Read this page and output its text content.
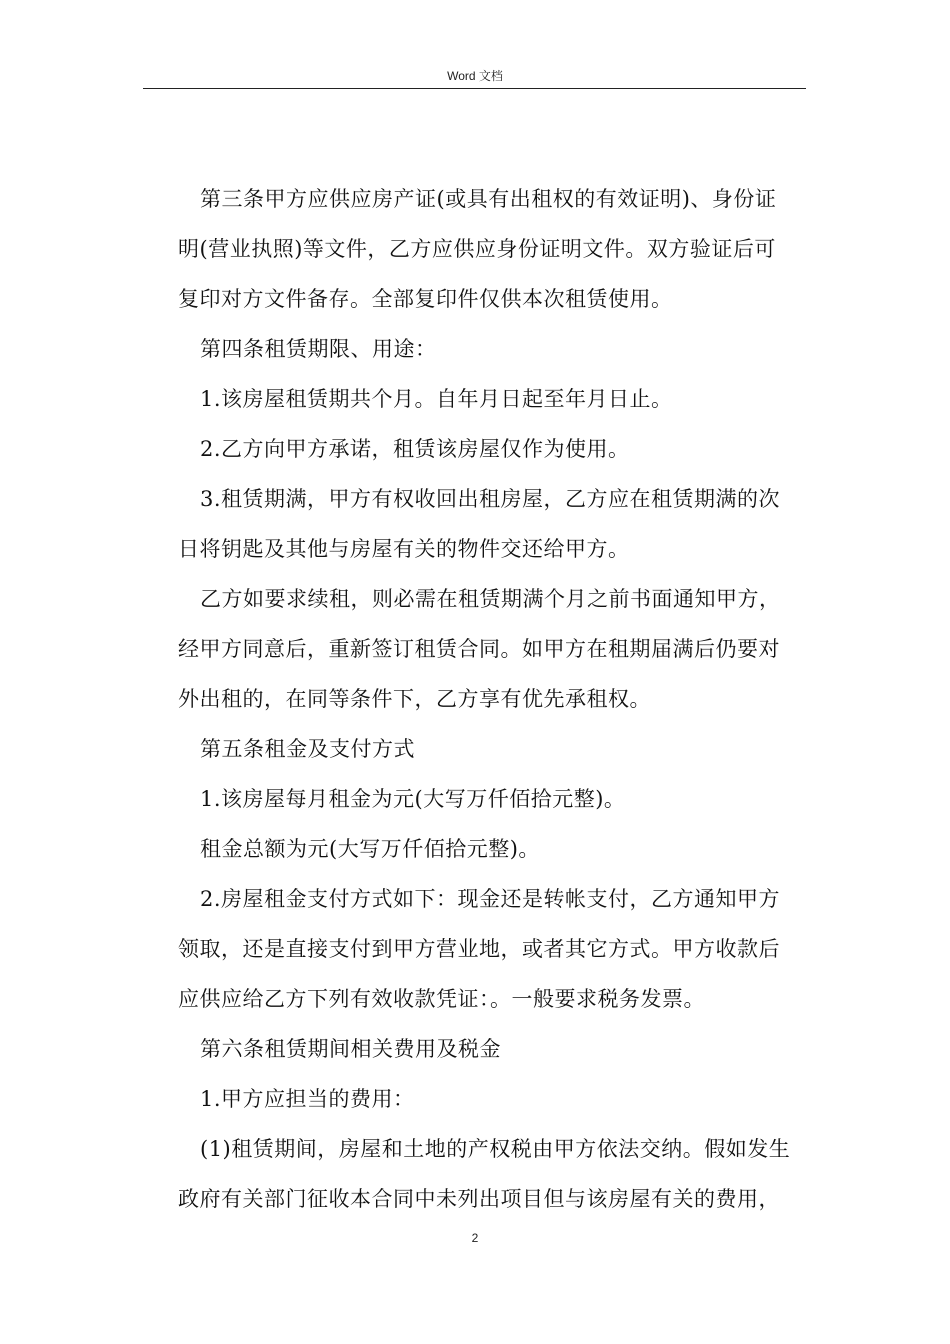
Word 文档

第三条甲方应供应房产证(或具有出租权的有效证明)、身份证

明(营业执照)等文件，乙方应供应身份证明文件。双方验证后可

复印对方文件备存。全部复印件仅供本次租赁使用。

第四条租赁期限、用途：

1.该房屋租赁期共个月。自年月日起至年月日止。

2.乙方向甲方承诺，租赁该房屋仅作为使用。

3.租赁期满，甲方有权收回出租房屋，乙方应在租赁期满的次

日将钥匙及其他与房屋有关的物件交还给甲方。

乙方如要求续租，则必需在租赁期满个月之前书面通知甲方，

经甲方同意后，重新签订租赁合同。如甲方在租期届满后仍要对

外出租的，在同等条件下，乙方享有优先承租权。

第五条租金及支付方式

1.该房屋每月租金为元(大写万仟佰拾元整)。

租金总额为元(大写万仟佰拾元整)。

2.房屋租金支付方式如下：现金还是转帐支付，乙方通知甲方

领取，还是直接支付到甲方营业地，或者其它方式。甲方收款后

应供应给乙方下列有效收款凭证：。一般要求税务发票。

第六条租赁期间相关费用及税金

1.甲方应担当的费用：

(1)租赁期间，房屋和土地的产权税由甲方依法交纳。假如发生

政府有关部门征收本合同中未列出项目但与该房屋有关的费用，

2
